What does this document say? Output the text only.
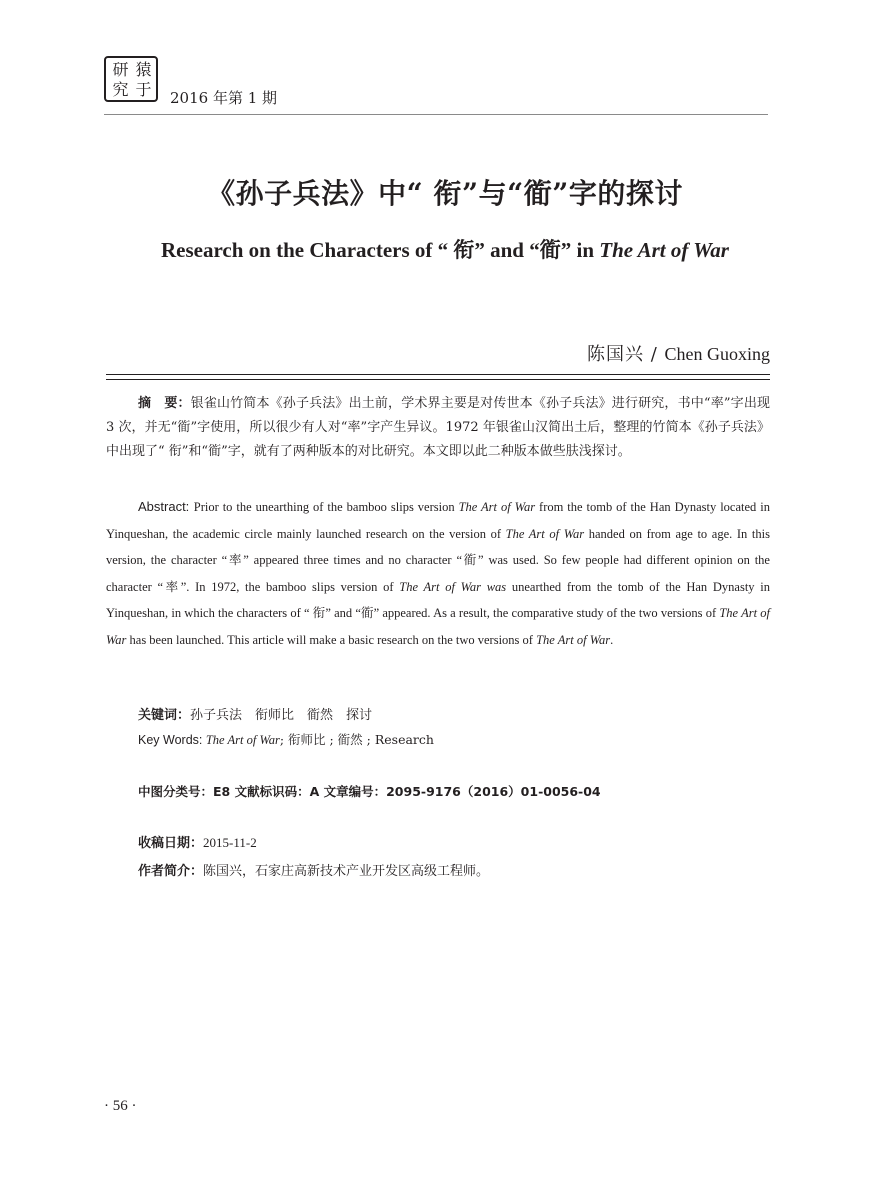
研 猿
究 于 2016 年第 1 期
《孙子兵法》中“ 衔”与“衜”字的探讨
Research on the Characters of “ 衔” and “衜” in The Art of War
陈国兴 / Chen Guoxing
摘　要：银雀山竹简本《孙子兵法》出土前，学术界主要是对传世本《孙子兵法》进行研究，书中“率”字出现 3 次，并无“衜”字使用，所以很少有人对“率”字产生异议。1972 年银雀山汉简出土后，整理的竹简本《孙子兵法》中出现了“ 衔”和“衜”字，就有了两种版本的对比研究。本文即以此二种版本做些肤浅探讨。
Abstract: Prior to the unearthing of the bamboo slips version The Art of War from the tomb of the Han Dynasty located in Yinqueshan, the academic circle mainly launched research on the version of The Art of War handed on from age to age. In this version, the character “率” appeared three times and no character “衜” was used. So few people had different opinion on the character “率”. In 1972, the bamboo slips version of The Art of War was unearthed from the tomb of the Han Dynasty in Yinqueshan, in which the characters of “ 衔” and “衜” appeared. As a result, the comparative study of the two versions of The Art of War has been launched. This article will make a basic research on the two versions of The Art of War.
关键词：孙子兵法　衔师比　衜然　探讨
Key Words: The Art of War; 衔师比 ; 衜然 ; Research
中图分类号：E8 文献标识码：A 文章编号：2095-9176（2016）01-0056-04
收稿日期：2015-11-2
作者简介：陈国兴，石家庄高新技术产业开发区高级工程师。
· 56 ·
